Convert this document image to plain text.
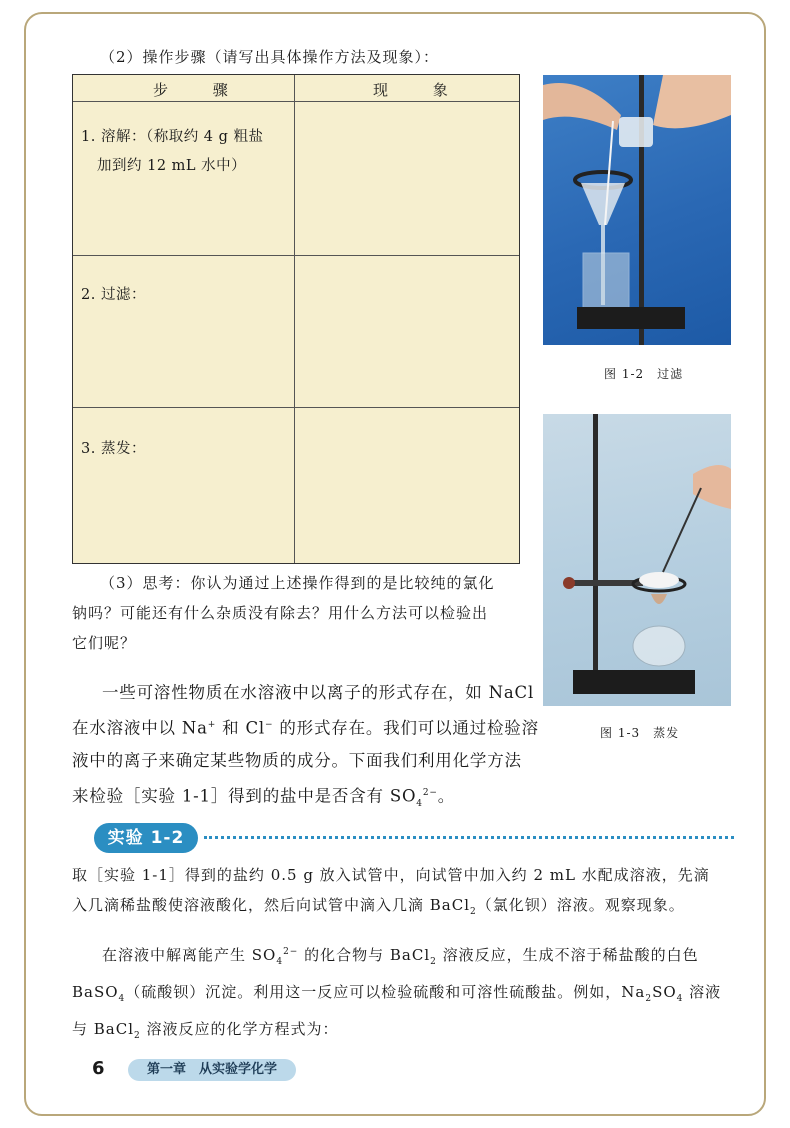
（2）操作步骤（请写出具体操作方法及现象）：
步 骤	现 象
1. 溶解：（称取约 4 g 粗盐
加到约 12 mL 水中）
2. 过滤：
3. 蒸发：
图 1-2　过滤
图 1-3　蒸发
（3）思考：你认为通过上述操作得到的是比较纯的氯化
钠吗？可能还有什么杂质没有除去？用什么方法可以检验出
它们呢？
一些可溶性物质在水溶液中以离子的形式存在，如 NaCl
在水溶液中以 Na+ 和 Cl− 的形式存在。我们可以通过检验溶
液中的离子来确定某些物质的成分。下面我们利用化学方法
来检验［实验 1-1］得到的盐中是否含有 $SO_4^{2-}$。
实验 1-2
取［实验 1-1］得到的盐约 0.5 g 放入试管中，向试管中加入约 2 mL 水配成溶液，先滴
入几滴稀盐酸使溶液酸化，然后向试管中滴入几滴 BaCl$_2$（氯化钡）溶液。观察现象。
在溶液中解离能产生 $SO_4^{2-}$ 的化合物与 BaCl$_2$ 溶液反应，生成不溶于稀盐酸的白色
BaSO$_4$（硫酸钡）沉淀。利用这一反应可以检验硫酸和可溶性硫酸盐。例如，$Na_2SO_4$ 溶液
与 BaCl$_2$ 溶液反应的化学方程式为：
6	第一章　从实验学化学
